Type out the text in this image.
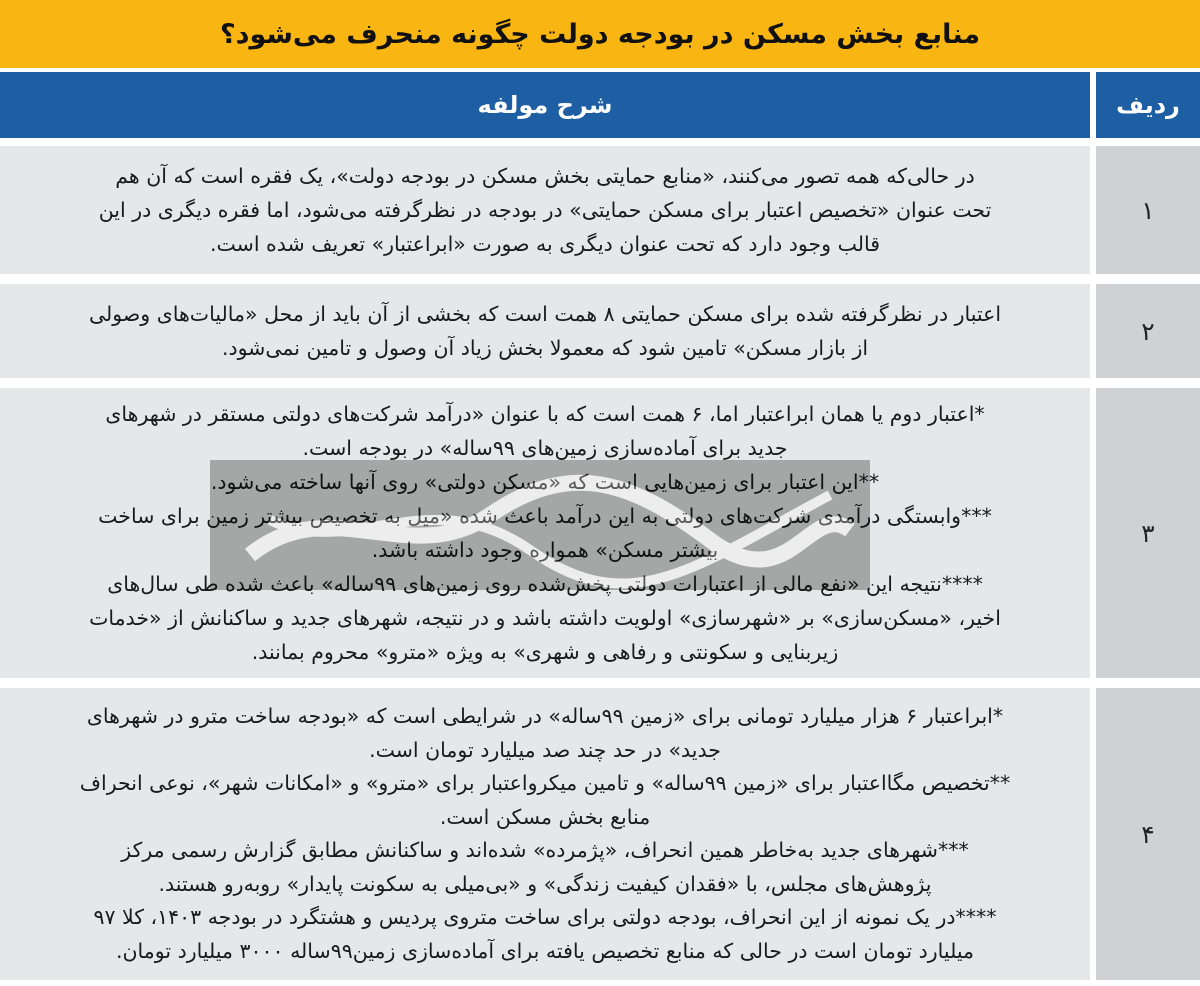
منابع بخش مسکن در بودجه دولت چگونه منحرف می‌شود؟
ردیف
شرح مولفه
۱
در حالی‌که همه تصور می‌کنند، «منابع حمایتی بخش مسکن در بودجه دولت»، یک فقره است که آن هم
تحت عنوان «تخصیص اعتبار برای مسکن حمایتی» در بودجه در نظرگرفته می‌شود، اما فقره دیگری در این
قالب وجود دارد که تحت عنوان دیگری به صورت «ابراعتبار» تعریف شده است.
۲
اعتبار در نظرگرفته شده برای مسکن حمایتی ۸ همت است که بخشی از آن باید از محل «مالیات‌های وصولی
از بازار مسکن» تامین شود که معمولا بخش زیاد آن وصول و تامین نمی‌شود.
۳
*اعتبار دوم یا همان ابراعتبار اما، ۶ همت است که با عنوان «درآمد شرکت‌های دولتی مستقر در شهرهای
جدید برای آماده‌سازی زمین‌های ۹۹ساله» در بودجه است.
**این اعتبار برای زمین‌هایی است که «مسکن دولتی» روی آنها ساخته می‌شود.
***وابستگی درآمدی شرکت‌های دولتی به این درآمد باعث شده «میل به تخصیص بیشتر زمین برای ساخت
بیشتر مسکن» همواره وجود داشته باشد.
****نتیجه این «نفع مالی از اعتبارات دولتی پخش‌شده روی زمین‌های ۹۹ساله» باعث شده طی سال‌های
اخیر، «مسکن‌سازی» بر «شهرسازی» اولویت داشته باشد و در نتیجه، شهرهای جدید و ساکنانش از «خدمات
زیربنایی و سکونتی و رفاهی و شهری» به ویژه «مترو» محروم بمانند.
۴
*ابراعتبار ۶ هزار میلیارد تومانی برای «زمین ۹۹ساله» در شرایطی است که «بودجه ساخت مترو در شهرهای
جدید» در حد چند صد میلیارد تومان است.
**تخصیص مگااعتبار برای «زمین ۹۹ساله» و تامین میکرواعتبار برای «مترو» و «امکانات شهر»، نوعی انحراف
منابع بخش مسکن است.
***شهرهای جدید به‌خاطر همین انحراف، «پژمرده» شده‌اند و ساکنانش مطابق گزارش رسمی مرکز
پژوهش‌های مجلس، با «فقدان کیفیت زندگی» و «بی‌میلی به سکونت پایدار» روبه‌رو هستند.
****در یک نمونه از این انحراف، بودجه دولتی برای ساخت متروی پردیس و هشتگرد در بودجه ۱۴۰۳، کلا ۹۷
میلیارد تومان است در حالی که منابع تخصیص یافته برای آماده‌سازی زمین۹۹ساله ۳۰۰۰ میلیارد تومان.
